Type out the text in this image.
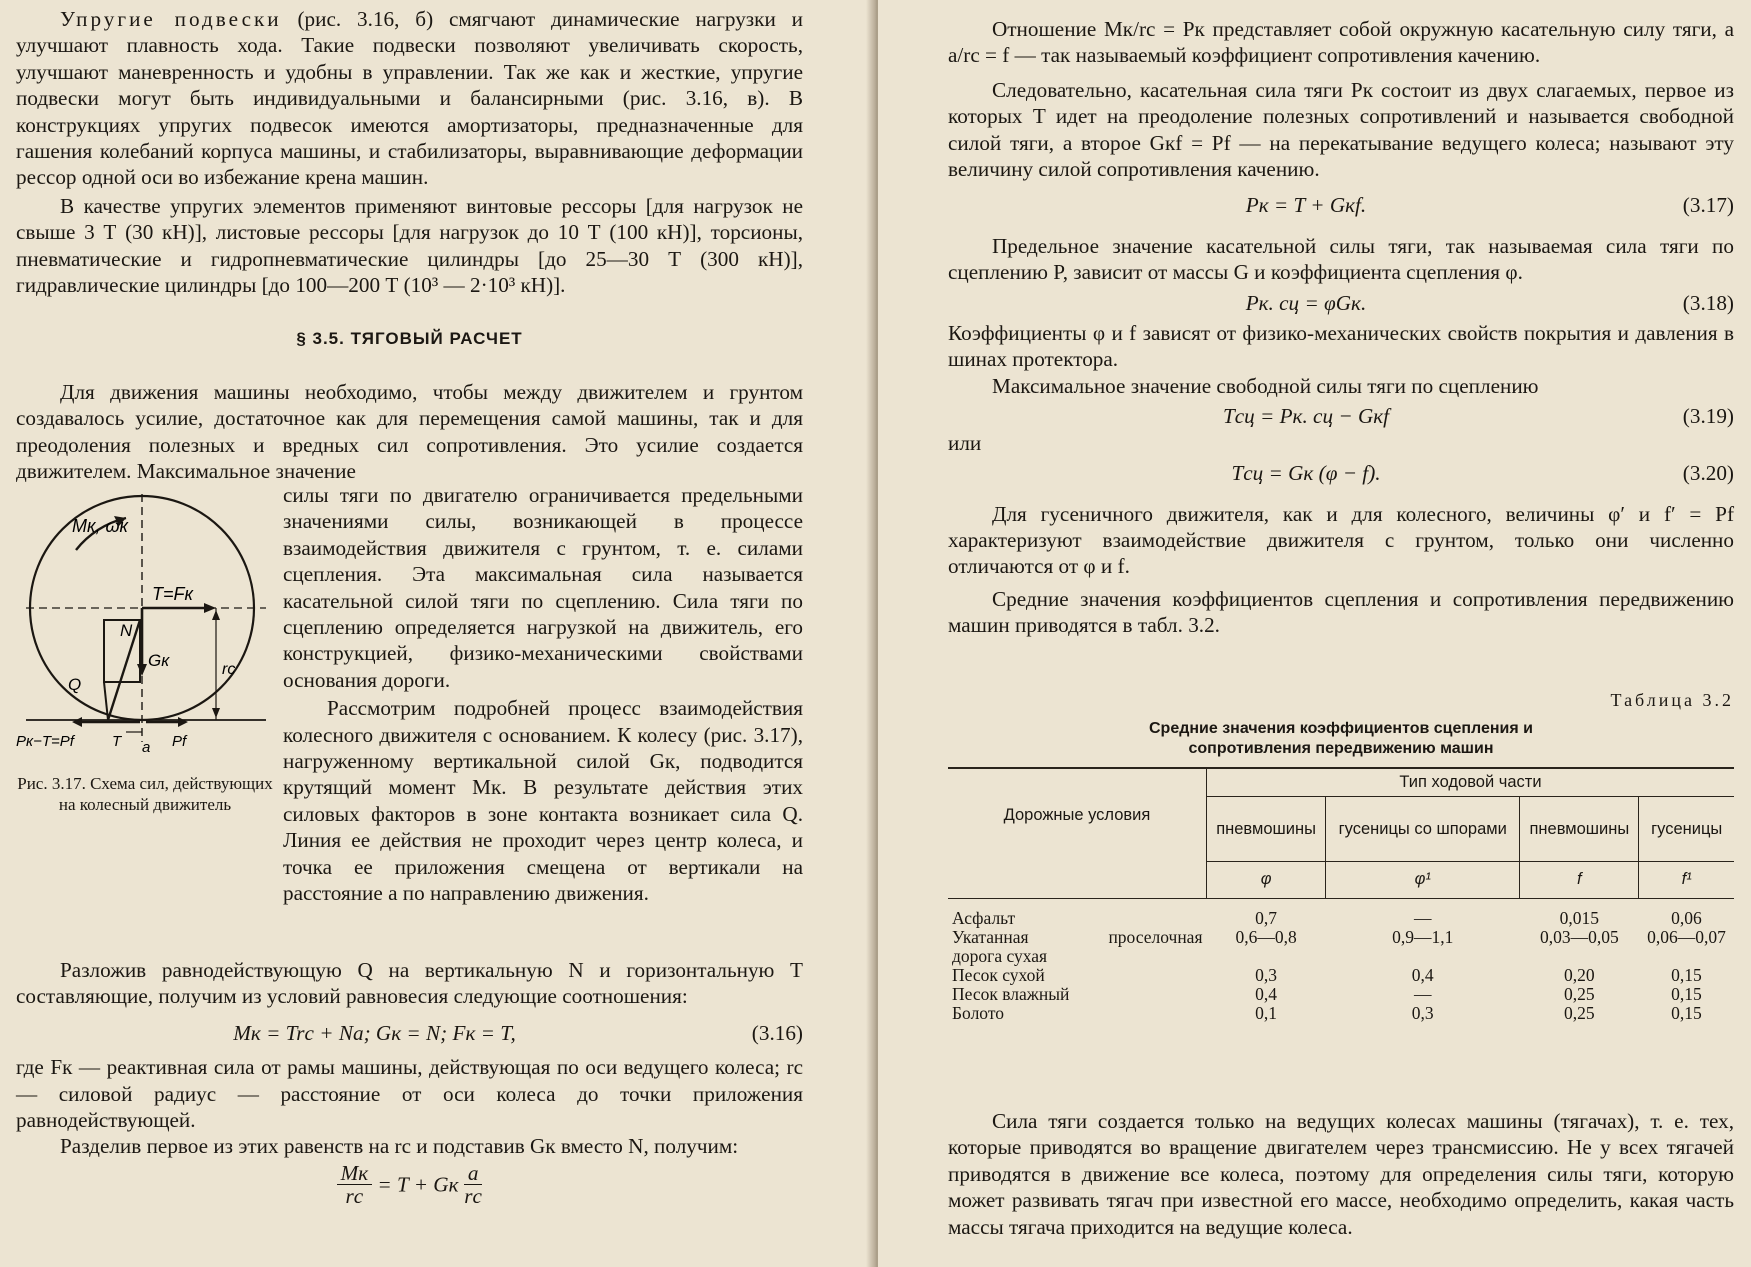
Упругие подвески (рис. 3.16, б) смягчают динамические нагрузки и улучшают плавность хода. Такие подвески позволяют увеличивать скорость, улучшают маневренность и удобны в управлении. Так же как и жесткие, упругие подвески могут быть индивидуальными и балансирными (рис. 3.16, в). В конструкциях упругих подвесок имеются амортизаторы, предназначенные для гашения колебаний корпуса машины, и стабилизаторы, выравнивающие деформации рессор одной оси во избежание крена машин.

В качестве упругих элементов применяют винтовые рессоры [для нагрузок не свыше 3 Т (30 кН)], листовые рессоры [для нагрузок до 10 Т (100 кН)], торсионы, пневматические и гидропневматические цилиндры [до 25—30 Т (300 кН)], гидравлические цилиндры [до 100—200 Т (10³ — 2·10³ кН)].

§ 3.5. ТЯГОВЫЙ РАСЧЕТ

Для движения машины необходимо, чтобы между движителем и грунтом создавалось усилие, достаточное как для перемещения самой машины, так и для преодоления полезных и вредных сил сопротивления. Это усилие создается движителем. Максимальное значение

силы тяги по двигателю ограничивается предельными значениями силы, возникающей в процессе взаимодействия движителя с грунтом, т. е. силами сцепления. Эта максимальная сила называется касательной силой тяги по сцеплению. Сила тяги по сцеплению определяется нагрузкой на движитель, его конструкцией, физико-механическими свойствами основания дороги.

Рассмотрим подробней процесс взаимодействия колесного движителя с основанием. К колесу (рис. 3.17), нагруженному вертикальной силой Gк, подводится крутящий момент Mк. В результате действия этих силовых факторов в зоне контакта возникает сила Q. Линия ее действия не проходит через центр колеса, и точка ее приложения смещена от вертикали на расстояние a по направлению движения.

Mк, ωк
T=Fк
N
Gк
Q
rс
Pк−T=Pf	T a Pf
Рис. 3.17. Схема сил, действующих на колесный движитель

Разложив равнодействующую Q на вертикальную N и горизонтальную T составляющие, получим из условий равновесия следующие соотношения:

Mк = Trс + Na; Gк = N; Fк = T,	(3.16)

где Fк — реактивная сила от рамы машины, действующая по оси ведущего колеса; rс — силовой радиус — расстояние от оси колеса до точки приложения равнодействующей.

Разделив первое из этих равенств на rс и подставив Gк вместо N, получим:

Mк
rс = T + Gк a
rс

Отношение Mк/rс = Pк представляет собой окружную касательную силу тяги, а a/rс = f — так называемый коэффициент сопротивления качению.

Следовательно, касательная сила тяги Pк состоит из двух слагаемых, первое из которых T идет на преодоление полезных сопротивлений и называется свободной силой тяги, а второе Gкf = Pf — на перекатывание ведущего колеса; называют эту величину силой сопротивления качению.

Pк = T + Gкf.	(3.17)

Предельное значение касательной силы тяги, так называемая сила тяги по сцеплению P, зависит от массы G и коэффициента сцепления φ.

Pк. сц = φGк.	(3.18)

Коэффициенты φ и f зависят от физико-механических свойств покрытия и давления в шинах протектора.

Максимальное значение свободной силы тяги по сцеплению

Tсц = Pк. сц − Gкf	(3.19)

или

Tсц = Gк (φ − f).	(3.20)

Для гусеничного движителя, как и для колесного, величины φ′ и f′ = Pf характеризуют взаимодействие движителя с грунтом, только они численно отличаются от φ и f.

Средние значения коэффициентов сцепления и сопротивления передвижению машин приводятся в табл. 3.2.

Таблица 3.2
Средние значения коэффициентов сцепления и
сопротивления передвижению машин
Дорожные условия	Тип ходовой части			
	пневмошины	гусеницы со шпорами	пневмошины	гусеницы
	φ	φ¹	f	f¹

Асфальт	0,7	—	0,015	0,06
Укатанная проселочная	0,6—0,8	0,9—1,1	0,03—0,05	0,06—0,07
дорога сухая				
Песок сухой	0,3	0,4	0,20	0,15
Песок влажный	0,4	—	0,25	0,15
Болото	0,1	0,3	0,25	0,15

Сила тяги создается только на ведущих колесах машины (тягачах), т. е. тех, которые приводятся во вращение двигателем через трансмиссию. Не у всех тягачей приводятся в движение все колеса, поэтому для определения силы тяги, которую может развивать тягач при известной его массе, необходимо определить, какая часть массы тягача приходится на ведущие колеса.
